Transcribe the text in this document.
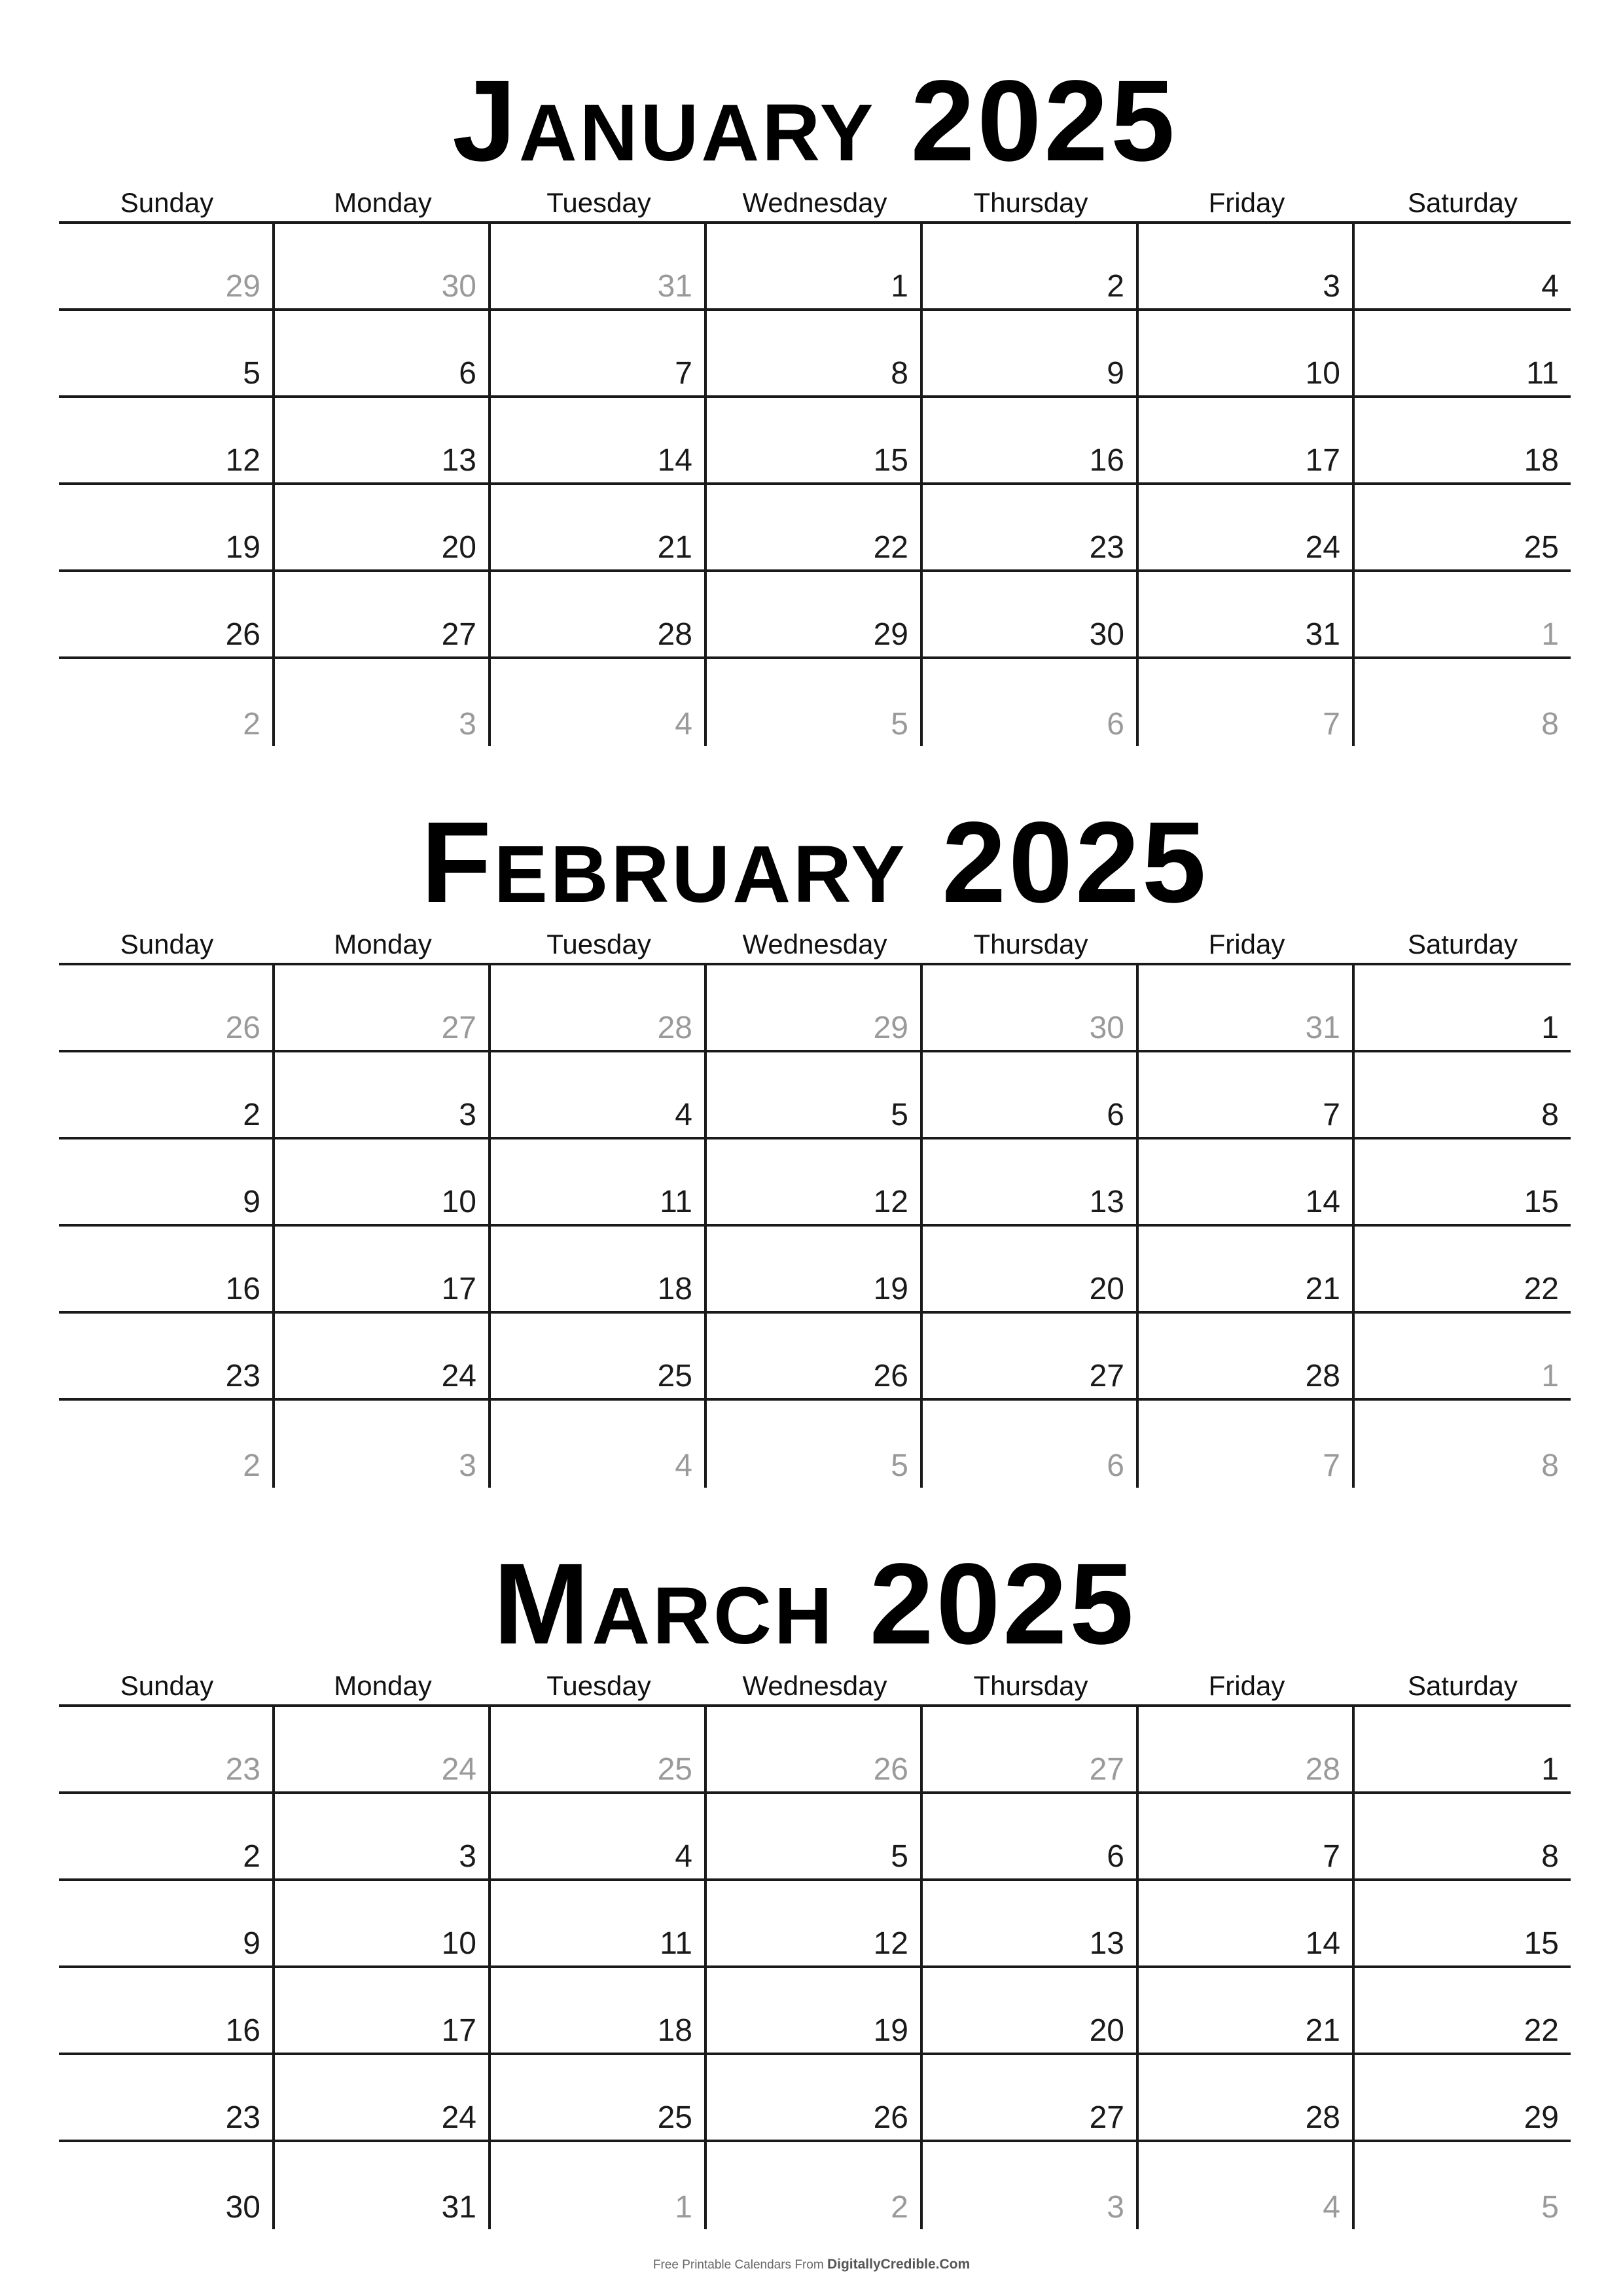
January 2025
Sunday	Monday	Tuesday	Wednesday	Thursday	Friday	Saturday
29	30	31	1	2	3	4
5	6	7	8	9	10	11
12	13	14	15	16	17	18
19	20	21	22	23	24	25
26	27	28	29	30	31	1
2	3	4	5	6	7	8
February 2025
Sunday	Monday	Tuesday	Wednesday	Thursday	Friday	Saturday
26	27	28	29	30	31	1
2	3	4	5	6	7	8
9	10	11	12	13	14	15
16	17	18	19	20	21	22
23	24	25	26	27	28	1
2	3	4	5	6	7	8
March 2025
Sunday	Monday	Tuesday	Wednesday	Thursday	Friday	Saturday
23	24	25	26	27	28	1
2	3	4	5	6	7	8
9	10	11	12	13	14	15
16	17	18	19	20	21	22
23	24	25	26	27	28	29
30	31	1	2	3	4	5
Free Printable Calendars From DigitallyCredible.Com
